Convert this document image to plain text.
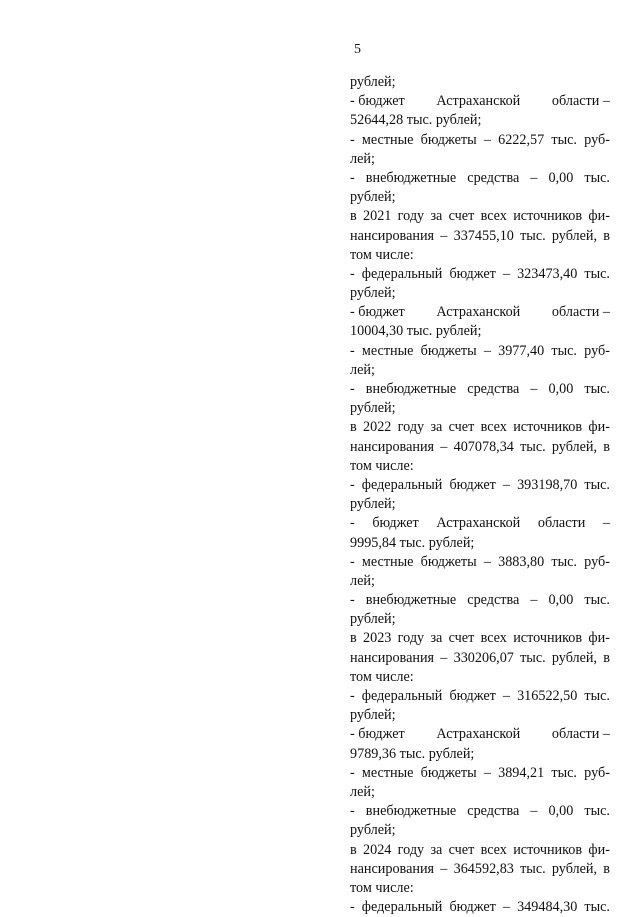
5
рублей;
- бюджет Астраханской области –
52644,28 тыс. рублей;
- местные бюджеты – 6222,57 тыс. руб-
лей;
- внебюджетные средства – 0,00 тыс.
рублей;
в 2021 году за счет всех источников фи-
нансирования – 337455,10 тыс. рублей, в
том числе:
- федеральный бюджет – 323473,40 тыс.
рублей;
- бюджет Астраханской области –
10004,30 тыс. рублей;
- местные бюджеты – 3977,40 тыс. руб-
лей;
- внебюджетные средства – 0,00 тыс.
рублей;
в 2022 году за счет всех источников фи-
нансирования – 407078,34 тыс. рублей, в
том числе:
- федеральный бюджет – 393198,70 тыс.
рублей;
- бюджет Астраханской области –
9995,84 тыс. рублей;
- местные бюджеты – 3883,80 тыс. руб-
лей;
- внебюджетные средства – 0,00 тыс.
рублей;
в 2023 году за счет всех источников фи-
нансирования – 330206,07 тыс. рублей, в
том числе:
- федеральный бюджет – 316522,50 тыс.
рублей;
- бюджет Астраханской области –
9789,36 тыс. рублей;
- местные бюджеты – 3894,21 тыс. руб-
лей;
- внебюджетные средства – 0,00 тыс.
рублей;
в 2024 году за счет всех источников фи-
нансирования – 364592,83 тыс. рублей, в
том числе:
- федеральный бюджет – 349484,30 тыс.
